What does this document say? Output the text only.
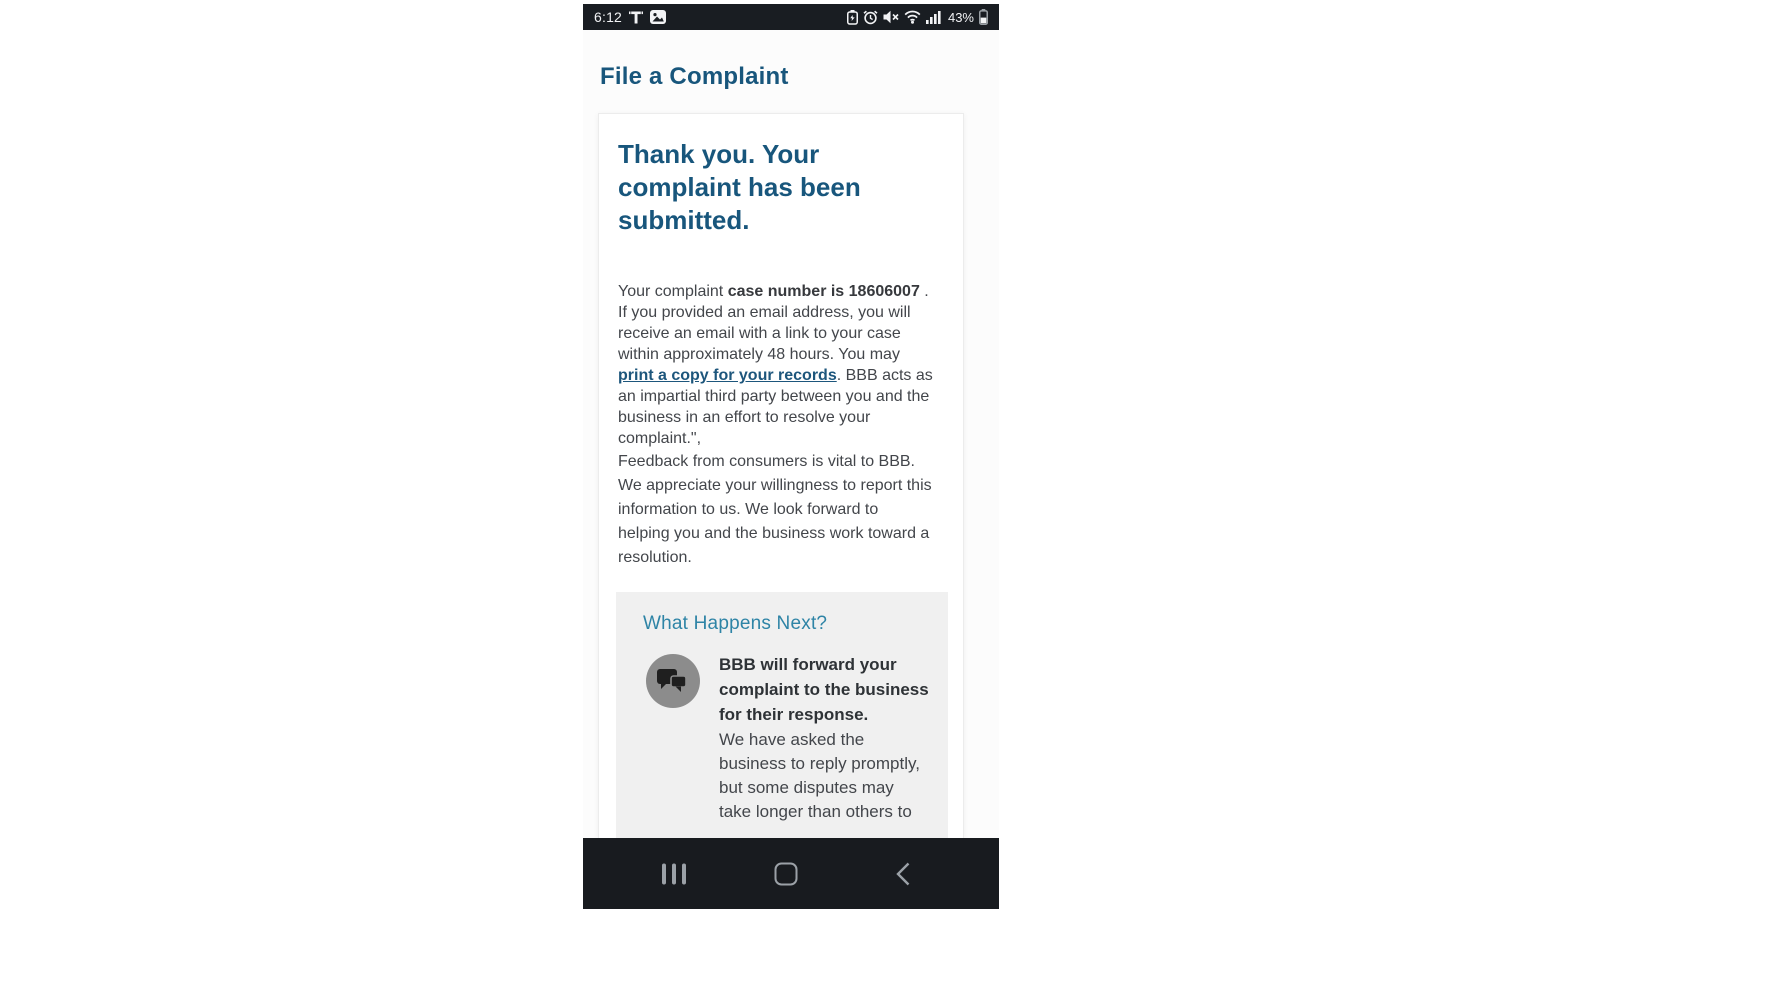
6:12	43%
File a Complaint
Thank you. Your
complaint has been
submitted.
Your complaint case number is 18606007 .
If you provided an email address, you will
receive an email with a link to your case
within approximately 48 hours. You may
print a copy for your records. BBB acts as
an impartial third party between you and the
business in an effort to resolve your
complaint.",
Feedback from consumers is vital to BBB.
We appreciate your willingness to report this
information to us. We look forward to
helping you and the business work toward a
resolution.
What Happens Next?
BBB will forward your
complaint to the business
for their response.
We have asked the
business to reply promptly,
but some disputes may
take longer than others to
